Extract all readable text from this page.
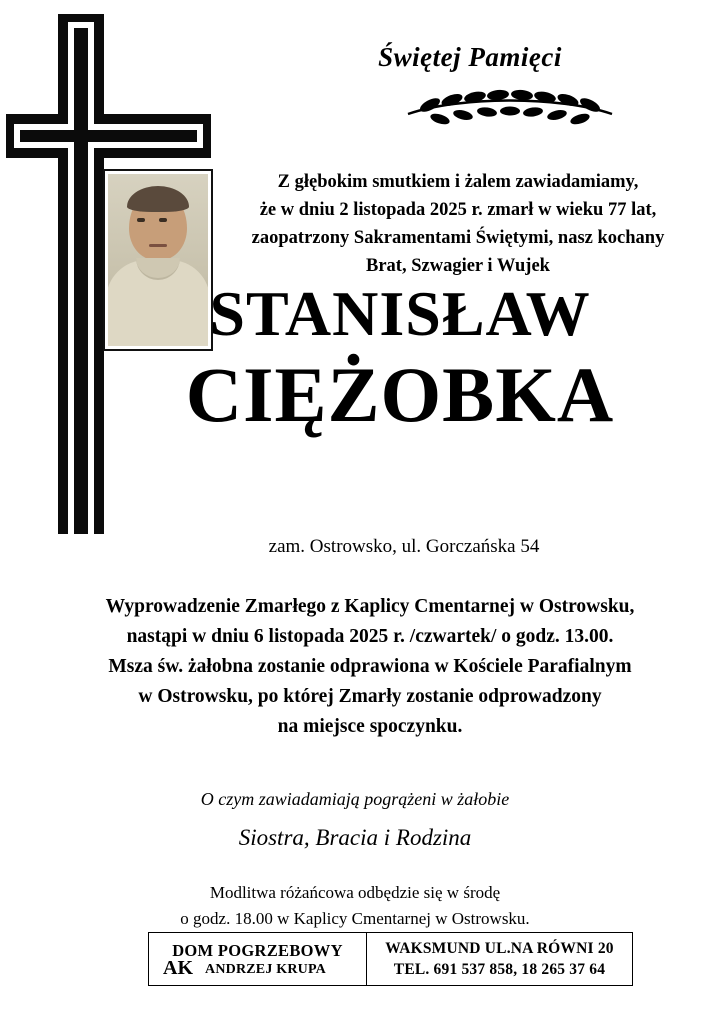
Świętej Pamięci
Z głębokim smutkiem i żalem zawiadamiamy,
że w dniu 2 listopada 2025 r. zmarł w wieku 77 lat,
zaopatrzony Sakramentami Świętymi, nasz kochany
Brat, Szwagier i Wujek
STANISŁAW
CIĘŻOBKA
zam. Ostrowsko, ul. Gorczańska 54
Wyprowadzenie Zmarłego z Kaplicy Cmentarnej w Ostrowsku,
nastąpi w dniu 6 listopada 2025 r. /czwartek/ o godz. 13.00.
Msza św. żałobna zostanie odprawiona w Kościele Parafialnym
w Ostrowsku, po której Zmarły zostanie odprowadzony
na miejsce spoczynku.
O czym zawiadamiają pogrążeni w żałobie
Siostra, Bracia i Rodzina
Modlitwa różańcowa odbędzie się w środę
o godz. 18.00 w Kaplicy Cmentarnej w Ostrowsku.
DOM POGRZEBOWY
ANDRZEJ KRUPA
AK
WAKSMUND UL.NA RÓWNI 20
TEL. 691 537 858, 18 265 37 64
